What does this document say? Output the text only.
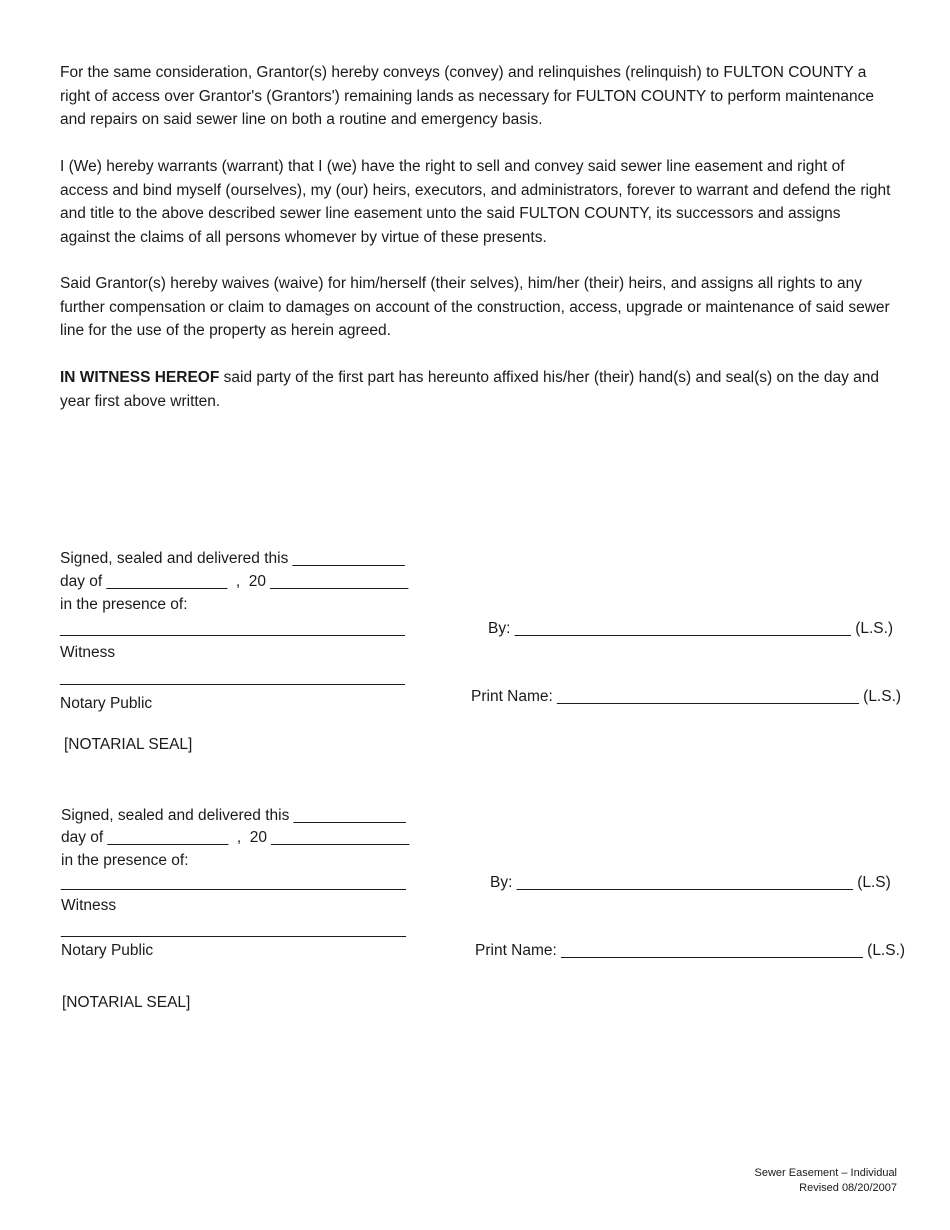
For the same consideration, Grantor(s) hereby conveys (convey) and relinquishes (relinquish) to FULTON COUNTY a right of access over Grantor's (Grantors') remaining lands as necessary for FULTON COUNTY to perform maintenance and repairs on said sewer line on both a routine and emergency basis.

I (We) hereby warrants (warrant) that I (we) have the right to sell and convey said sewer line easement and right of access and bind myself (ourselves), my (our) heirs, executors, and administrators, forever to warrant and defend the right and title to the above described sewer line easement unto the said FULTON COUNTY, its successors and assigns against the claims of all persons whomever by virtue of these presents.

Said Grantor(s) hereby waives (waive) for him/herself (their selves), him/her (their) heirs, and assigns all rights to any further compensation or claim to damages on account of the construction, access, upgrade or maintenance of said sewer line for the use of the property as herein agreed.

IN WITNESS HEREOF said party of the first part has hereunto affixed his/her (their) hand(s) and seal(s) on the day and year first above written.

Signed, sealed and delivered this _____________
day of ______________  ,  20 ________________
in the presence of:
________________________________________
Witness
________________________________________
Notary Public
[NOTARIAL SEAL]
By: _______________________________________ (L.S.)
Print Name: ___________________________________ (L.S.)
Signed, sealed and delivered this _____________
day of ______________  ,  20 ________________
in the presence of:
________________________________________
Witness
________________________________________
Notary Public
[NOTARIAL SEAL]
By: _______________________________________ (L.S)
Print Name: ___________________________________ (L.S.)
Sewer Easement – Individual
Revised 08/20/2007
